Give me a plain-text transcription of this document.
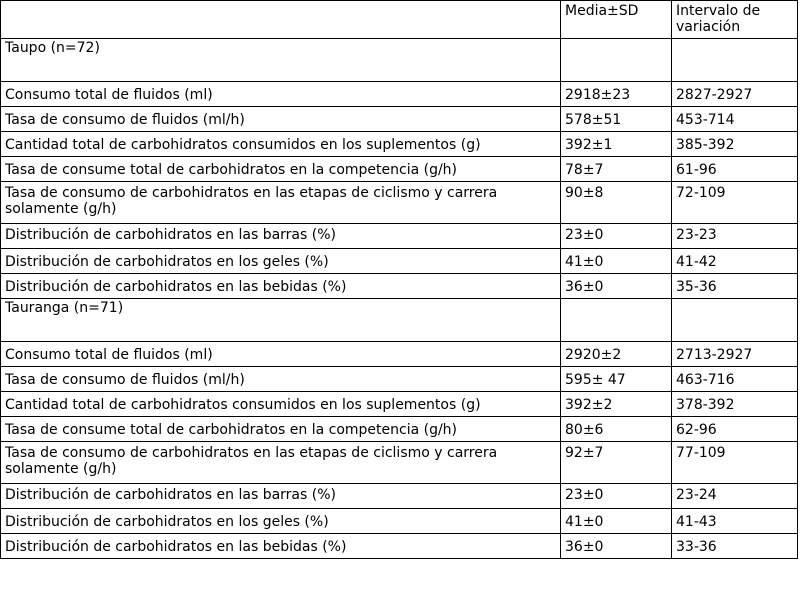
	Media±SD	Intervalo de
variación
Taupo (n=72)		
Consumo total de fluidos (ml)	2918±23	2827-2927
Tasa de consumo de fluidos (ml/h)	578±51	453-714
Cantidad total de carbohidratos consumidos en los suplementos (g)	392±1	385-392
Tasa de consume total de carbohidratos en la competencia (g/h)	78±7	61-96
Tasa de consumo de carbohidratos en las etapas de ciclismo y carrera solamente (g/h)	90±8	72-109
Distribución de carbohidratos en las barras (%)	23±0	23-23
Distribución de carbohidratos en los geles (%)	41±0	41-42
Distribución de carbohidratos en las bebidas (%)	36±0	35-36
Tauranga (n=71)		
Consumo total de fluidos (ml)	2920±2	2713-2927
Tasa de consumo de fluidos (ml/h)	595± 47	463-716
Cantidad total de carbohidratos consumidos en los suplementos (g)	392±2	378-392
Tasa de consume total de carbohidratos en la competencia (g/h)	80±6	62-96
Tasa de consumo de carbohidratos en las etapas de ciclismo y carrera solamente (g/h)	92±7	77-109
Distribución de carbohidratos en las barras (%)	23±0	23-24
Distribución de carbohidratos en los geles (%)	41±0	41-43
Distribución de carbohidratos en las bebidas (%)	36±0	33-36
